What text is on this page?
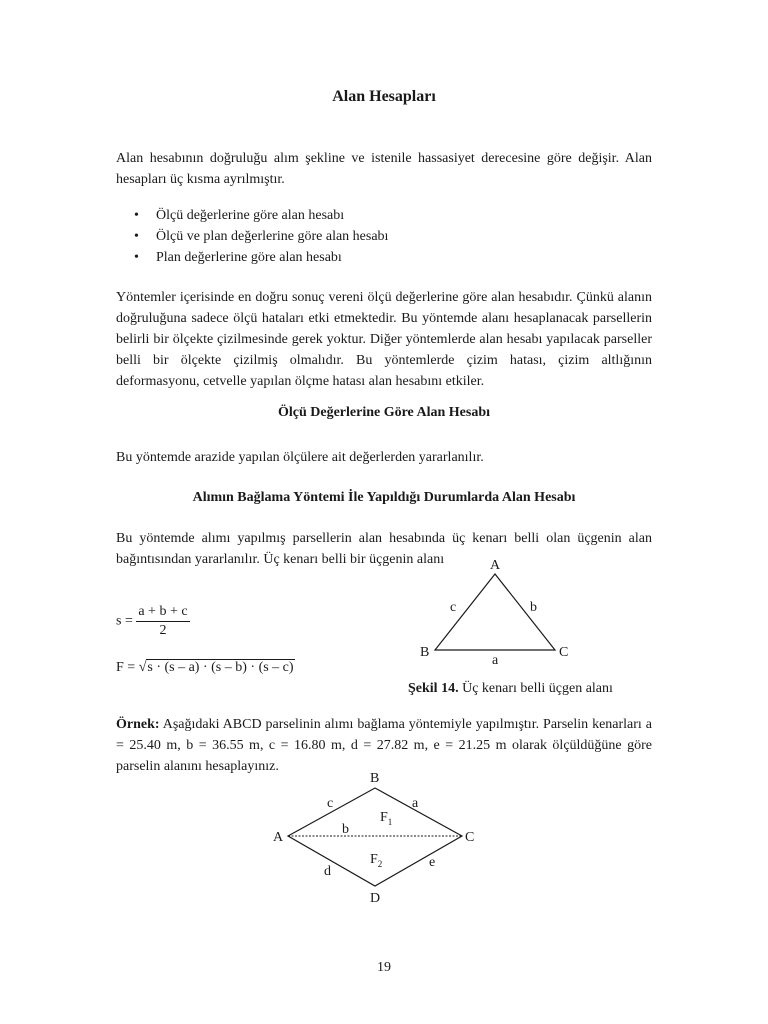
Alan Hesapları
Alan hesabının doğruluğu alım şekline ve istenile hassasiyet derecesine göre değişir. Alan hesapları üç kısma ayrılmıştır.
• Ölçü değerlerine göre alan hesabı
• Ölçü ve plan değerlerine göre alan hesabı
• Plan değerlerine göre alan hesabı
Yöntemler içerisinde en doğru sonuç vereni ölçü değerlerine göre alan hesabıdır. Çünkü alanın doğruluğuna sadece ölçü hataları etki etmektedir. Bu yöntemde alanı hesaplanacak parsellerin belirli bir ölçekte çizilmesinde gerek yoktur. Diğer yöntemlerde alan hesabı yapılacak parseller belli bir ölçekte çizilmiş olmalıdır. Bu yöntemlerde çizim hatası, çizim altlığının deformasyonu, cetvelle yapılan ölçme hatası alan hesabını etkiler.
Ölçü Değerlerine Göre Alan Hesabı
Bu yöntemde arazide yapılan ölçülere ait değerlerden yararlanılır.
Alımın Bağlama Yöntemi İle Yapıldığı Durumlarda Alan Hesabı
Bu yöntemde alımı yapılmış parsellerin alan hesabında üç kenarı belli olan üçgenin alan bağıntısından yararlanılır. Üç kenarı belli bir üçgenin alanı
$s = \frac{a + b + c}{2}$
F = √s · (s – a) · (s – b) · (s – c)
A
B	C
a
b
c
Şekil 14. Üç kenarı belli üçgen alanı
Örnek: Aşağıdaki ABCD parselinin alımı bağlama yöntemiyle yapılmıştır. Parselin kenarları a = 25.40 m, b = 36.55 m, c = 16.80 m, d = 27.82 m, e = 21.25 m olarak ölçüldüğüne göre parselin alanını hesaplayınız.
B
A	C
D
c	a
b
d
e
$F_1$
$F_2$
19
